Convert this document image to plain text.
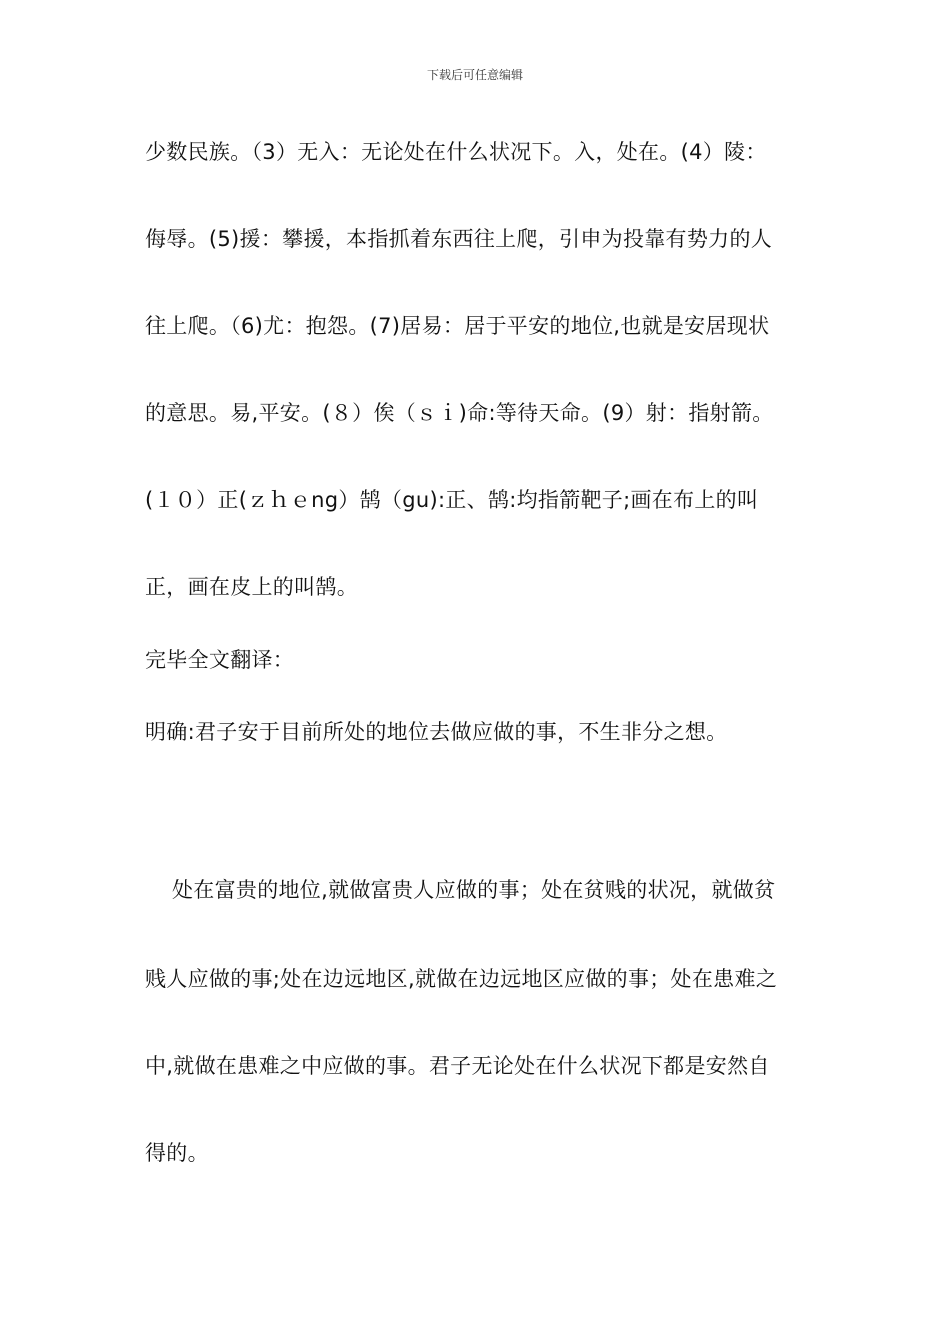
下载后可任意编辑
少数民族。（3）无入：无论处在什么状况下。入，处在。(4）陵：
侮辱。(5)援：攀援，本指抓着东西往上爬，引申为投靠有势力的人
往上爬。（6)尤：抱怨。(7)居易：居于平安的地位,也就是安居现状
的意思。易,平安。(８）俟（ｓｉ)命:等待天命。(9）射：指射箭。
(１０）正(ｚｈｅng）鹄（gu):正、鹄:均指箭靶子;画在布上的叫
正，画在皮上的叫鹄。
完毕全文翻译：
明确:君子安于目前所处的地位去做应做的事，不生非分之想。
处在富贵的地位,就做富贵人应做的事；处在贫贱的状况，就做贫
贱人应做的事;处在边远地区,就做在边远地区应做的事；处在患难之
中,就做在患难之中应做的事。君子无论处在什么状况下都是安然自
得的。
